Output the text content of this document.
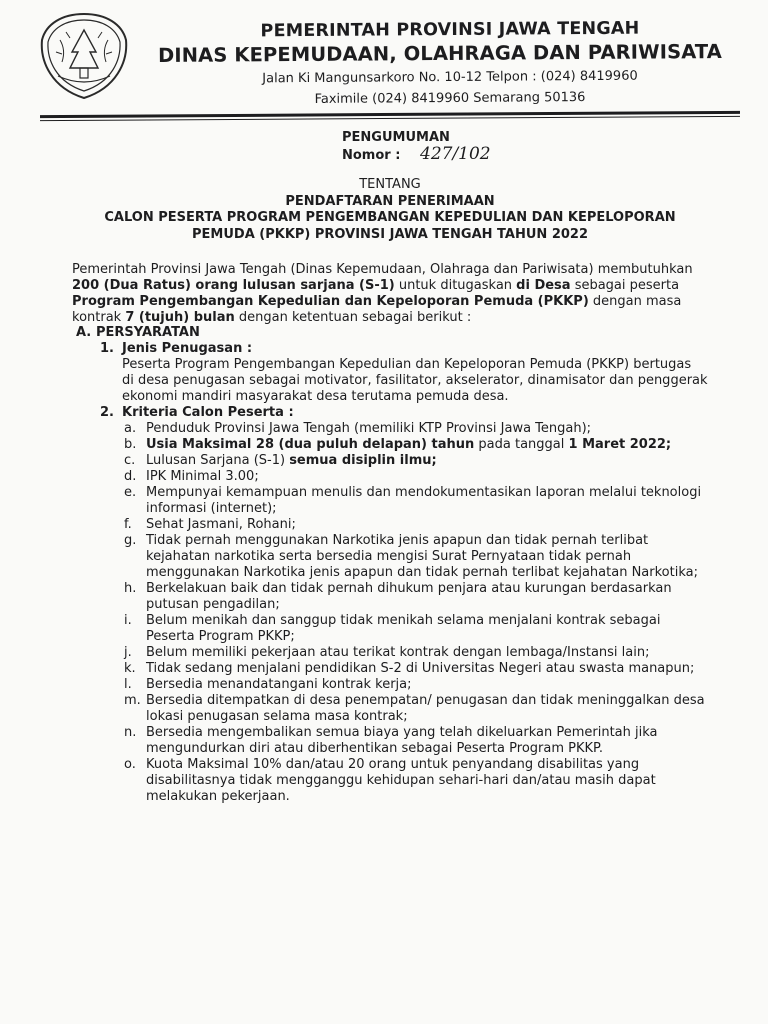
PEMERINTAH PROVINSI JAWA TENGAH
DINAS KEPEMUDAAN, OLAHRAGA DAN PARIWISATA
Jalan Ki Mangunsarkoro No. 10-12 Telpon : (024) 8419960
Faximile (024) 8419960 Semarang 50136
PENGUMUMAN
Nomor : 427/102
TENTANG
PENDAFTARAN PENERIMAAN
CALON PESERTA PROGRAM PENGEMBANGAN KEPEDULIAN DAN KEPELOPORAN
PEMUDA (PKKP) PROVINSI JAWA TENGAH TAHUN 2022
Pemerintah Provinsi Jawa Tengah (Dinas Kepemudaan, Olahraga dan Pariwisata) membutuhkan
200 (Dua Ratus) orang lulusan sarjana (S-1) untuk ditugaskan di Desa sebagai peserta
Program Pengembangan Kepedulian dan Kepeloporan Pemuda (PKKP) dengan masa
kontrak 7 (tujuh) bulan dengan ketentuan sebagai berikut :
A. PERSYARATAN
1. Jenis Penugasan :
Peserta Program Pengembangan Kepedulian dan Kepeloporan Pemuda (PKKP) bertugas
di desa penugasan sebagai motivator, fasilitator, akselerator, dinamisator dan penggerak
ekonomi mandiri masyarakat desa terutama pemuda desa.
2. Kriteria Calon Peserta :
a. Penduduk Provinsi Jawa Tengah (memiliki KTP Provinsi Jawa Tengah);
b. Usia Maksimal 28 (dua puluh delapan) tahun pada tanggal 1 Maret 2022;
c. Lulusan Sarjana (S-1) semua disiplin ilmu;
d. IPK Minimal 3.00;
e. Mempunyai kemampuan menulis dan mendokumentasikan laporan melalui teknologi
informasi (internet);
f. Sehat Jasmani, Rohani;
g. Tidak pernah menggunakan Narkotika jenis apapun dan tidak pernah terlibat
kejahatan narkotika serta bersedia mengisi Surat Pernyataan tidak pernah
menggunakan Narkotika jenis apapun dan tidak pernah terlibat kejahatan Narkotika;
h. Berkelakuan baik dan tidak pernah dihukum penjara atau kurungan berdasarkan
putusan pengadilan;
i. Belum menikah dan sanggup tidak menikah selama menjalani kontrak sebagai
Peserta Program PKKP;
j. Belum memiliki pekerjaan atau terikat kontrak dengan lembaga/Instansi lain;
k. Tidak sedang menjalani pendidikan S-2 di Universitas Negeri atau swasta manapun;
l. Bersedia menandatangani kontrak kerja;
m. Bersedia ditempatkan di desa penempatan/ penugasan dan tidak meninggalkan desa
lokasi penugasan selama masa kontrak;
n. Bersedia mengembalikan semua biaya yang telah dikeluarkan Pemerintah jika
mengundurkan diri atau diberhentikan sebagai Peserta Program PKKP.
o. Kuota Maksimal 10% dan/atau 20 orang untuk penyandang disabilitas yang
disabilitasnya tidak mengganggu kehidupan sehari-hari dan/atau masih dapat
melakukan pekerjaan.
